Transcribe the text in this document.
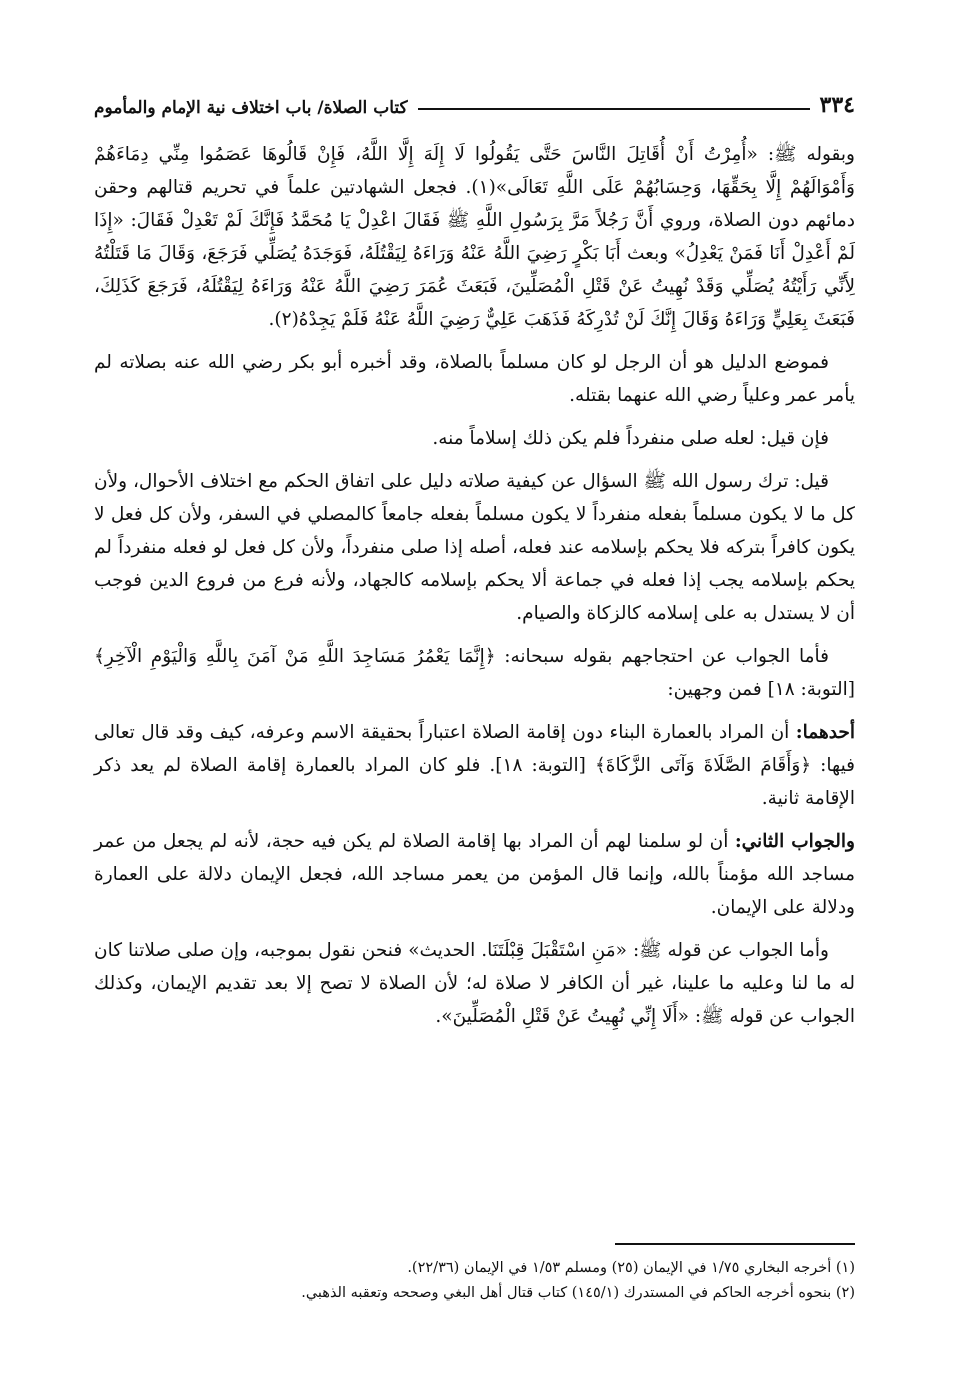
٣٣٤
كتاب الصلاة/ باب اختلاف نية الإمام والمأموم

وبقوله ﷺ: «أُمِرْتُ أَنْ أُقَاتِلَ النَّاسَ حَتَّى يَقُولُوا لَا إِلَهَ إِلَّا اللَّهُ، فَإِنْ قَالُوهَا عَصَمُوا مِنِّي دِمَاءَهُمْ وَأَمْوَالَهُمْ إِلَّا بِحَقِّهَا، وَحِسَابُهُمْ عَلَى اللَّهِ تَعَالَى»(١). فجعل الشهادتين علماً في تحريم قتالهم وحقن دمائهم دون الصلاة، وروي أَنَّ رَجُلاً مَرَّ بِرَسُولِ اللَّهِ ﷺ فَقَالَ اعْدِلْ يَا مُحَمَّدُ فَإِنَّكَ لَمْ تَعْدِلْ فَقَالَ: «إِذَا لَمْ أَعْدِلْ أَنَا فَمَنْ يَعْدِلُ» وبعث أَبَا بَكْرٍ رَضِيَ اللَّهُ عَنْهُ وَرَاءَهُ لِيَقْتُلَهُ، فَوَجَدَهُ يُصَلِّي فَرَجَعَ، وَقَالَ مَا قَتَلْتُهُ لِأَنِّي رَأَيْتُهُ يُصَلِّي وَقَدْ نُهِيتُ عَنْ قَتْلِ الْمُصَلِّينَ، فَبَعَثَ عُمَرَ رَضِيَ اللَّهُ عَنْهُ وَرَاءَهُ لِيَقْتُلَهُ، فَرَجَعَ كَذَلِكَ، فَبَعَثَ بِعَلِيٍّ وَرَاءَهُ وَقَالَ إِنَّكَ لَنْ تُدْرِكَهُ فَذَهَبَ عَلِيٌّ رَضِيَ اللَّهُ عَنْهُ فَلَمْ يَجِدْهُ(٢).

فموضع الدليل هو أن الرجل لو كان مسلماً بالصلاة، وقد أخبره أبو بكر رضي الله عنه بصلاته لم يأمر عمر وعلياً رضي الله عنهما بقتله.

فإن قيل: لعله صلى منفرداً فلم يكن ذلك إسلاماً منه.

قيل: ترك رسول الله ﷺ السؤال عن كيفية صلاته دليل على اتفاق الحكم مع اختلاف الأحوال، ولأن كل ما لا يكون مسلماً بفعله منفرداً لا يكون مسلماً بفعله جامعاً كالمصلي في السفر، ولأن كل فعل لا يكون كافراً بتركه فلا يحكم بإسلامه عند فعله، أصله إذا صلى منفرداً، ولأن كل فعل لو فعله منفرداً لم يحكم بإسلامه يجب إذا فعله في جماعة ألا يحكم بإسلامه كالجهاد، ولأنه فرع من فروع الدين فوجب أن لا يستدل به على إسلامه كالزكاة والصيام.

فأما الجواب عن احتجاجهم بقوله سبحانه: ﴿إِنَّمَا يَعْمُرُ مَسَاجِدَ اللَّهِ مَنْ آمَنَ بِاللَّهِ وَالْيَوْمِ الْآخِرِ﴾ [التوبة: ١٨] فمن وجهين:

أحدهما: أن المراد بالعمارة البناء دون إقامة الصلاة اعتباراً بحقيقة الاسم وعرفه، كيف وقد قال تعالى فيها: ﴿وَأَقَامَ الصَّلَاةَ وَآتَى الزَّكَاةَ﴾ [التوبة: ١٨]. فلو كان المراد بالعمارة إقامة الصلاة لم يعد ذكر الإقامة ثانية.

والجواب الثاني: أن لو سلمنا لهم أن المراد بها إقامة الصلاة لم يكن فيه حجة، لأنه لم يجعل من عمر مساجد الله مؤمناً بالله، وإنما قال المؤمن من يعمر مساجد الله، فجعل الإيمان دلالة على العمارة ودلالة على الإيمان.

وأما الجواب عن قوله ﷺ: «مَنِ اسْتَقْبَلَ قِبْلَتَنَا. الحديث» فنحن نقول بموجبه، وإن صلى صلاتنا كان له ما لنا وعليه ما علينا، غير أن الكافر لا صلاة له؛ لأن الصلاة لا تصح إلا بعد تقديم الإيمان، وكذلك الجواب عن قوله ﷺ: «أَلَا إِنِّي نُهِيتُ عَنْ قَتْلِ الْمُصَلِّينَ».

(١) أخرجه البخاري ١/٧٥ في الإيمان (٢٥) ومسلم ١/٥٣ في الإيمان (٢٢/٣٦).
(٢) بنحوه أخرجه الحاكم في المستدرك (١٤٥/١) كتاب قتال أهل البغي وصححه وتعقبه الذهبي.
